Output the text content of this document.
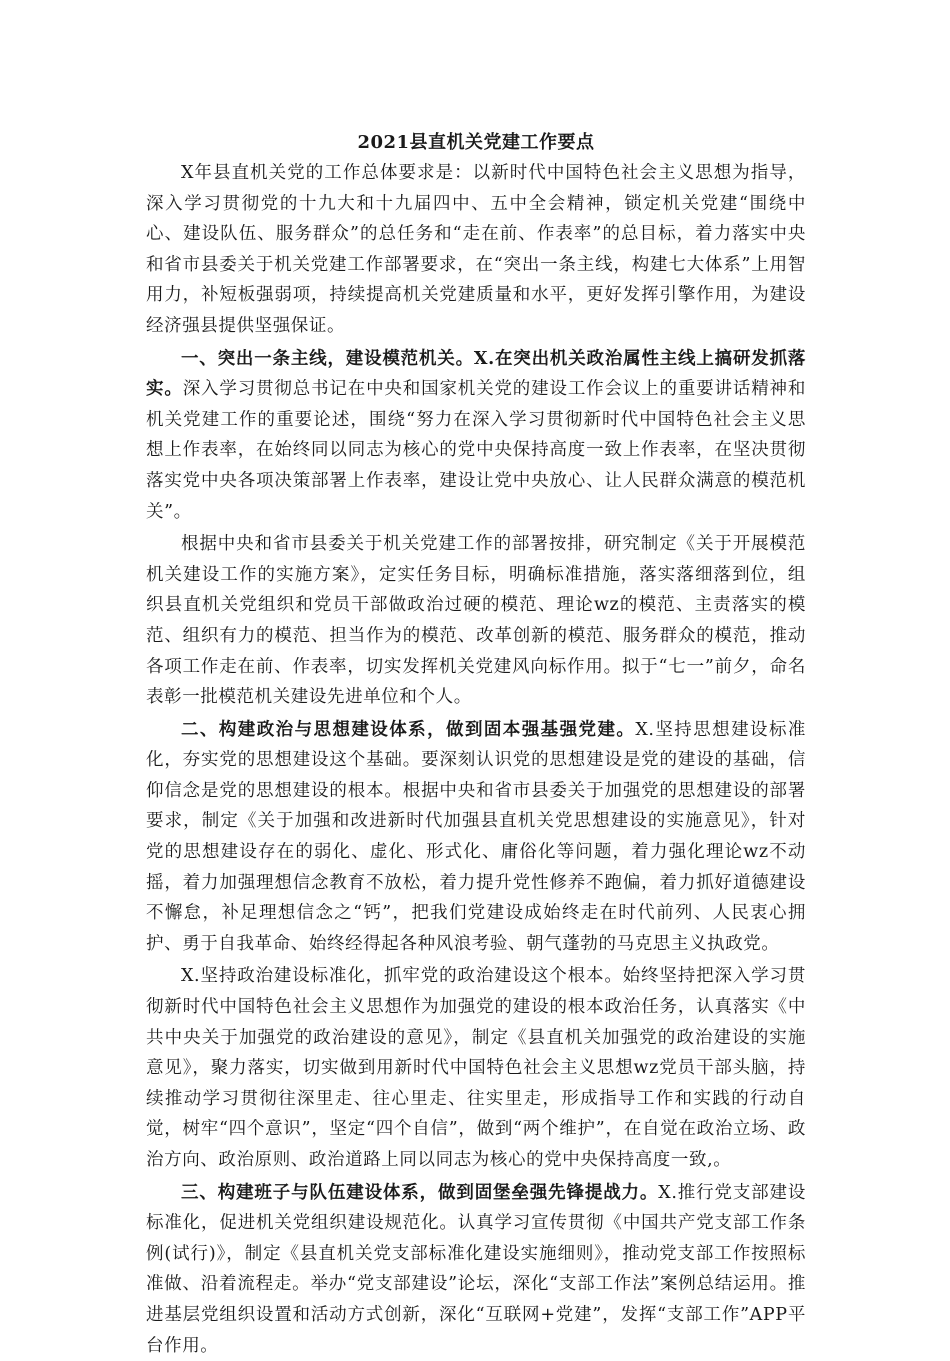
2021县直机关党建工作要点

X年县直机关党的工作总体要求是：以新时代中国特色社会主义思想为指导，深入学习贯彻党的十九大和十九届四中、五中全会精神，锁定机关党建“围绕中心、建设队伍、服务群众”的总任务和“走在前、作表率”的总目标，着力落实中央和省市县委关于机关党建工作部署要求，在“突出一条主线，构建七大体系”上用智用力，补短板强弱项，持续提高机关党建质量和水平，更好发挥引擎作用，为建设经济强县提供坚强保证。

一、突出一条主线，建设模范机关。X.在突出机关政治属性主线上搞研发抓落实。深入学习贯彻总书记在中央和国家机关党的建设工作会议上的重要讲话精神和机关党建工作的重要论述，围绕“努力在深入学习贯彻新时代中国特色社会主义思想上作表率，在始终同以同志为核心的党中央保持高度一致上作表率，在坚决贯彻落实党中央各项决策部署上作表率，建设让党中央放心、让人民群众满意的模范机关”。

根据中央和省市县委关于机关党建工作的部署按排，研究制定《关于开展模范机关建设工作的实施方案》，定实任务目标，明确标准措施，落实落细落到位，组织县直机关党组织和党员干部做政治过硬的模范、理论wz的模范、主责落实的模范、组织有力的模范、担当作为的模范、改革创新的模范、服务群众的模范，推动各项工作走在前、作表率，切实发挥机关党建风向标作用。拟于“七一”前夕，命名表彰一批模范机关建设先进单位和个人。

二、构建政治与思想建设体系，做到固本强基强党建。X.坚持思想建设标准化，夯实党的思想建设这个基础。要深刻认识党的思想建设是党的建设的基础，信仰信念是党的思想建设的根本。根据中央和省市县委关于加强党的思想建设的部署要求，制定《关于加强和改进新时代加强县直机关党思想建设的实施意见》，针对党的思想建设存在的弱化、虚化、形式化、庸俗化等问题，着力强化理论wz不动摇，着力加强理想信念教育不放松，着力提升党性修养不跑偏，着力抓好道德建设不懈怠，补足理想信念之“钙”，把我们党建设成始终走在时代前列、人民衷心拥护、勇于自我革命、始终经得起各种风浪考验、朝气蓬勃的马克思主义执政党。

X.坚持政治建设标准化，抓牢党的政治建设这个根本。始终坚持把深入学习贯彻新时代中国特色社会主义思想作为加强党的建设的根本政治任务，认真落实《中共中央关于加强党的政治建设的意见》，制定《县直机关加强党的政治建设的实施意见》，聚力落实，切实做到用新时代中国特色社会主义思想wz党员干部头脑，持续推动学习贯彻往深里走、往心里走、往实里走，形成指导工作和实践的行动自觉，树牢“四个意识”，坚定“四个自信”，做到“两个维护”，在自觉在政治立场、政治方向、政治原则、政治道路上同以同志为核心的党中央保持高度一致,。

三、构建班子与队伍建设体系，做到固堡垒强先锋提战力。X.推行党支部建设标准化，促进机关党组织建设规范化。认真学习宣传贯彻《中国共产党支部工作条例(试行)》，制定《县直机关党支部标准化建设实施细则》，推动党支部工作按照标准做、沿着流程走。举办“党支部建设”论坛，深化“支部工作法”案例总结运用。推进基层党组织设置和活动方式创新，深化“互联网+党建”，发挥“支部工作”APP平台作用。
